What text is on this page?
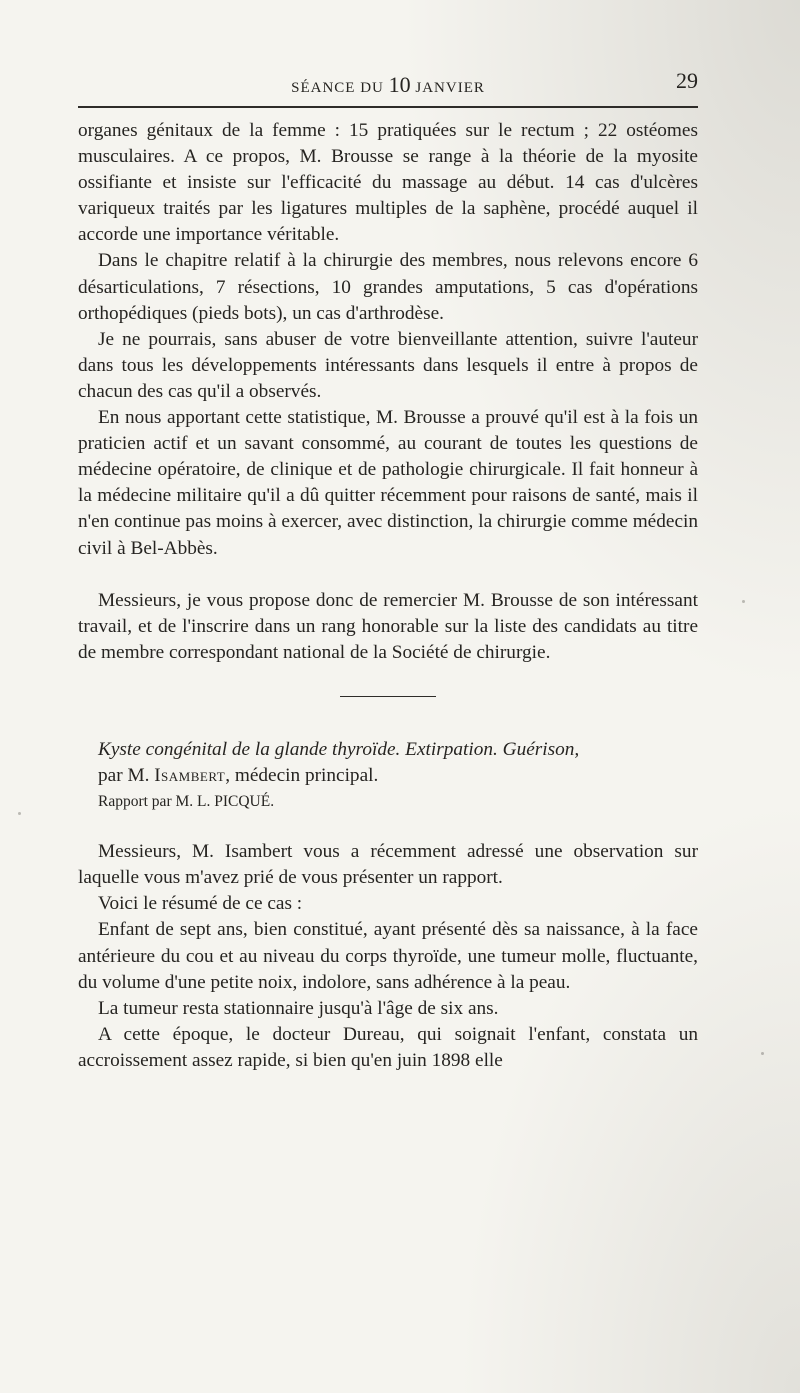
SÉANCE DU 10 JANVIER	29

organes génitaux de la femme : 15 pratiquées sur le rectum ; 22 ostéomes musculaires. A ce propos, M. Brousse se range à la théorie de la myosite ossifiante et insiste sur l'efficacité du massage au début. 14 cas d'ulcères variqueux traités par les ligatures multiples de la saphène, procédé auquel il accorde une importance véritable.

Dans le chapitre relatif à la chirurgie des membres, nous relevons encore 6 désarticulations, 7 résections, 10 grandes amputations, 5 cas d'opérations orthopédiques (pieds bots), un cas d'arthrodèse.

Je ne pourrais, sans abuser de votre bienveillante attention, suivre l'auteur dans tous les développements intéressants dans lesquels il entre à propos de chacun des cas qu'il a observés.

En nous apportant cette statistique, M. Brousse a prouvé qu'il est à la fois un praticien actif et un savant consommé, au courant de toutes les questions de médecine opératoire, de clinique et de pathologie chirurgicale. Il fait honneur à la médecine militaire qu'il a dû quitter récemment pour raisons de santé, mais il n'en continue pas moins à exercer, avec distinction, la chirurgie comme médecin civil à Bel-Abbès.

Messieurs, je vous propose donc de remercier M. Brousse de son intéressant travail, et de l'inscrire dans un rang honorable sur la liste des candidats au titre de membre correspondant national de la Société de chirurgie.

Kyste congénital de la glande thyroïde. Extirpation. Guérison,

par M. Isambert, médecin principal.

Rapport par M. L. PICQUÉ.

Messieurs, M. Isambert vous a récemment adressé une observation sur laquelle vous m'avez prié de vous présenter un rapport.

Voici le résumé de ce cas :

Enfant de sept ans, bien constitué, ayant présenté dès sa naissance, à la face antérieure du cou et au niveau du corps thyroïde, une tumeur molle, fluctuante, du volume d'une petite noix, indolore, sans adhérence à la peau.

La tumeur resta stationnaire jusqu'à l'âge de six ans.

A cette époque, le docteur Dureau, qui soignait l'enfant, constata un accroissement assez rapide, si bien qu'en juin 1898 elle
